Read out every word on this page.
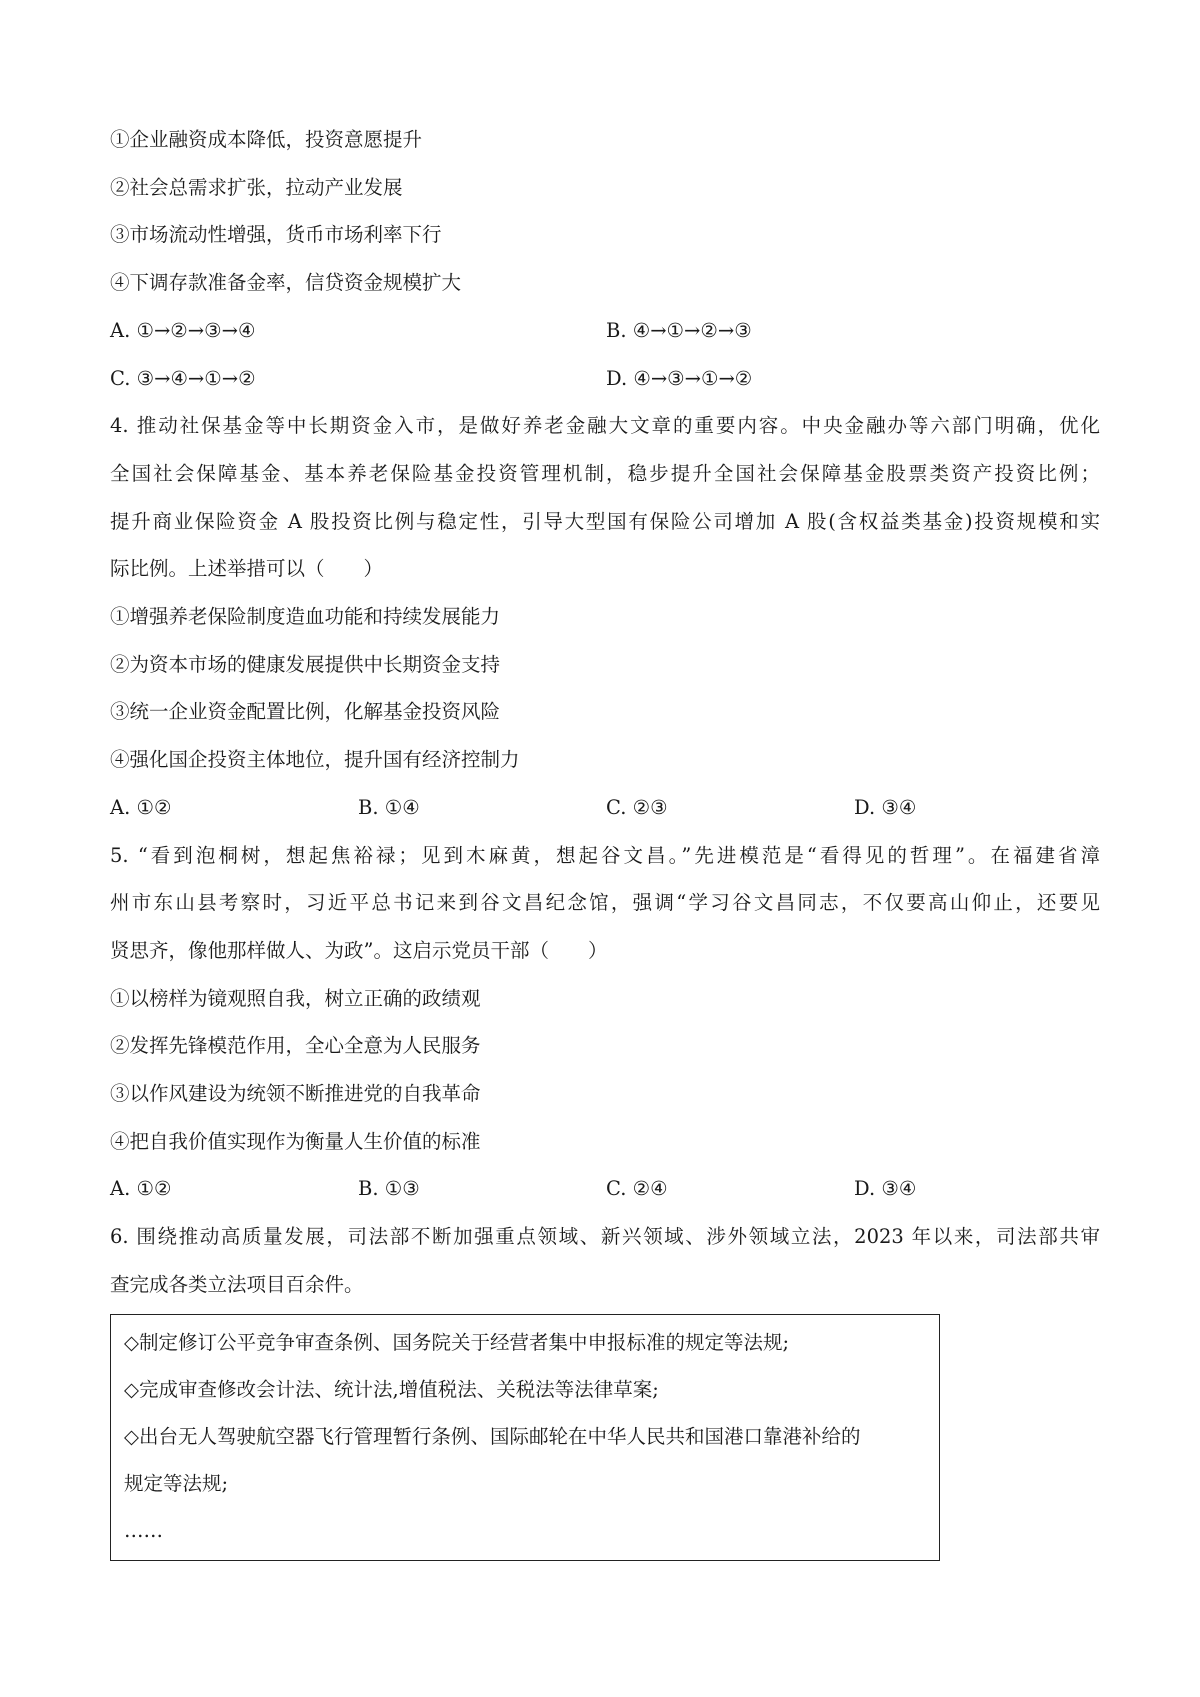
①企业融资成本降低，投资意愿提升
②社会总需求扩张，拉动产业发展
③市场流动性增强，货币市场利率下行
④下调存款准备金率，信贷资金规模扩大
A. ①→②→③→④	B. ④→①→②→③
C. ③→④→①→②	D. ④→③→①→②
4. 推动社保基金等中长期资金入市，是做好养老金融大文章的重要内容。中央金融办等六部门明确，优化
全国社会保障基金、基本养老保险基金投资管理机制，稳步提升全国社会保障基金股票类资产投资比例；
提升商业保险资金 A 股投资比例与稳定性，引导大型国有保险公司增加 A 股(含权益类基金)投资规模和实
际比例。上述举措可以（　　）
①增强养老保险制度造血功能和持续发展能力
②为资本市场的健康发展提供中长期资金支持
③统一企业资金配置比例，化解基金投资风险
④强化国企投资主体地位，提升国有经济控制力
A. ①②	B. ①④	C. ②③	D. ③④
5. “看到泡桐树，想起焦裕禄；见到木麻黄，想起谷文昌。”先进模范是“看得见的哲理”。在福建省漳
州市东山县考察时，习近平总书记来到谷文昌纪念馆，强调“学习谷文昌同志，不仅要高山仰止，还要见
贤思齐，像他那样做人、为政”。这启示党员干部（　　）
①以榜样为镜观照自我，树立正确的政绩观
②发挥先锋模范作用，全心全意为人民服务
③以作风建设为统领不断推进党的自我革命
④把自我价值实现作为衡量人生价值的标准
A. ①②	B. ①③	C. ②④	D. ③④
6. 围绕推动高质量发展，司法部不断加强重点领域、新兴领域、涉外领域立法，2023 年以来，司法部共审
查完成各类立法项目百余件。
◇制定修订公平竞争审查条例、国务院关于经营者集中申报标准的规定等法规;
◇完成审查修改会计法、统计法,增值税法、关税法等法律草案;
◇出台无人驾驶航空器飞行管理暂行条例、国际邮轮在中华人民共和国港口靠港补给的
规定等法规;
……
